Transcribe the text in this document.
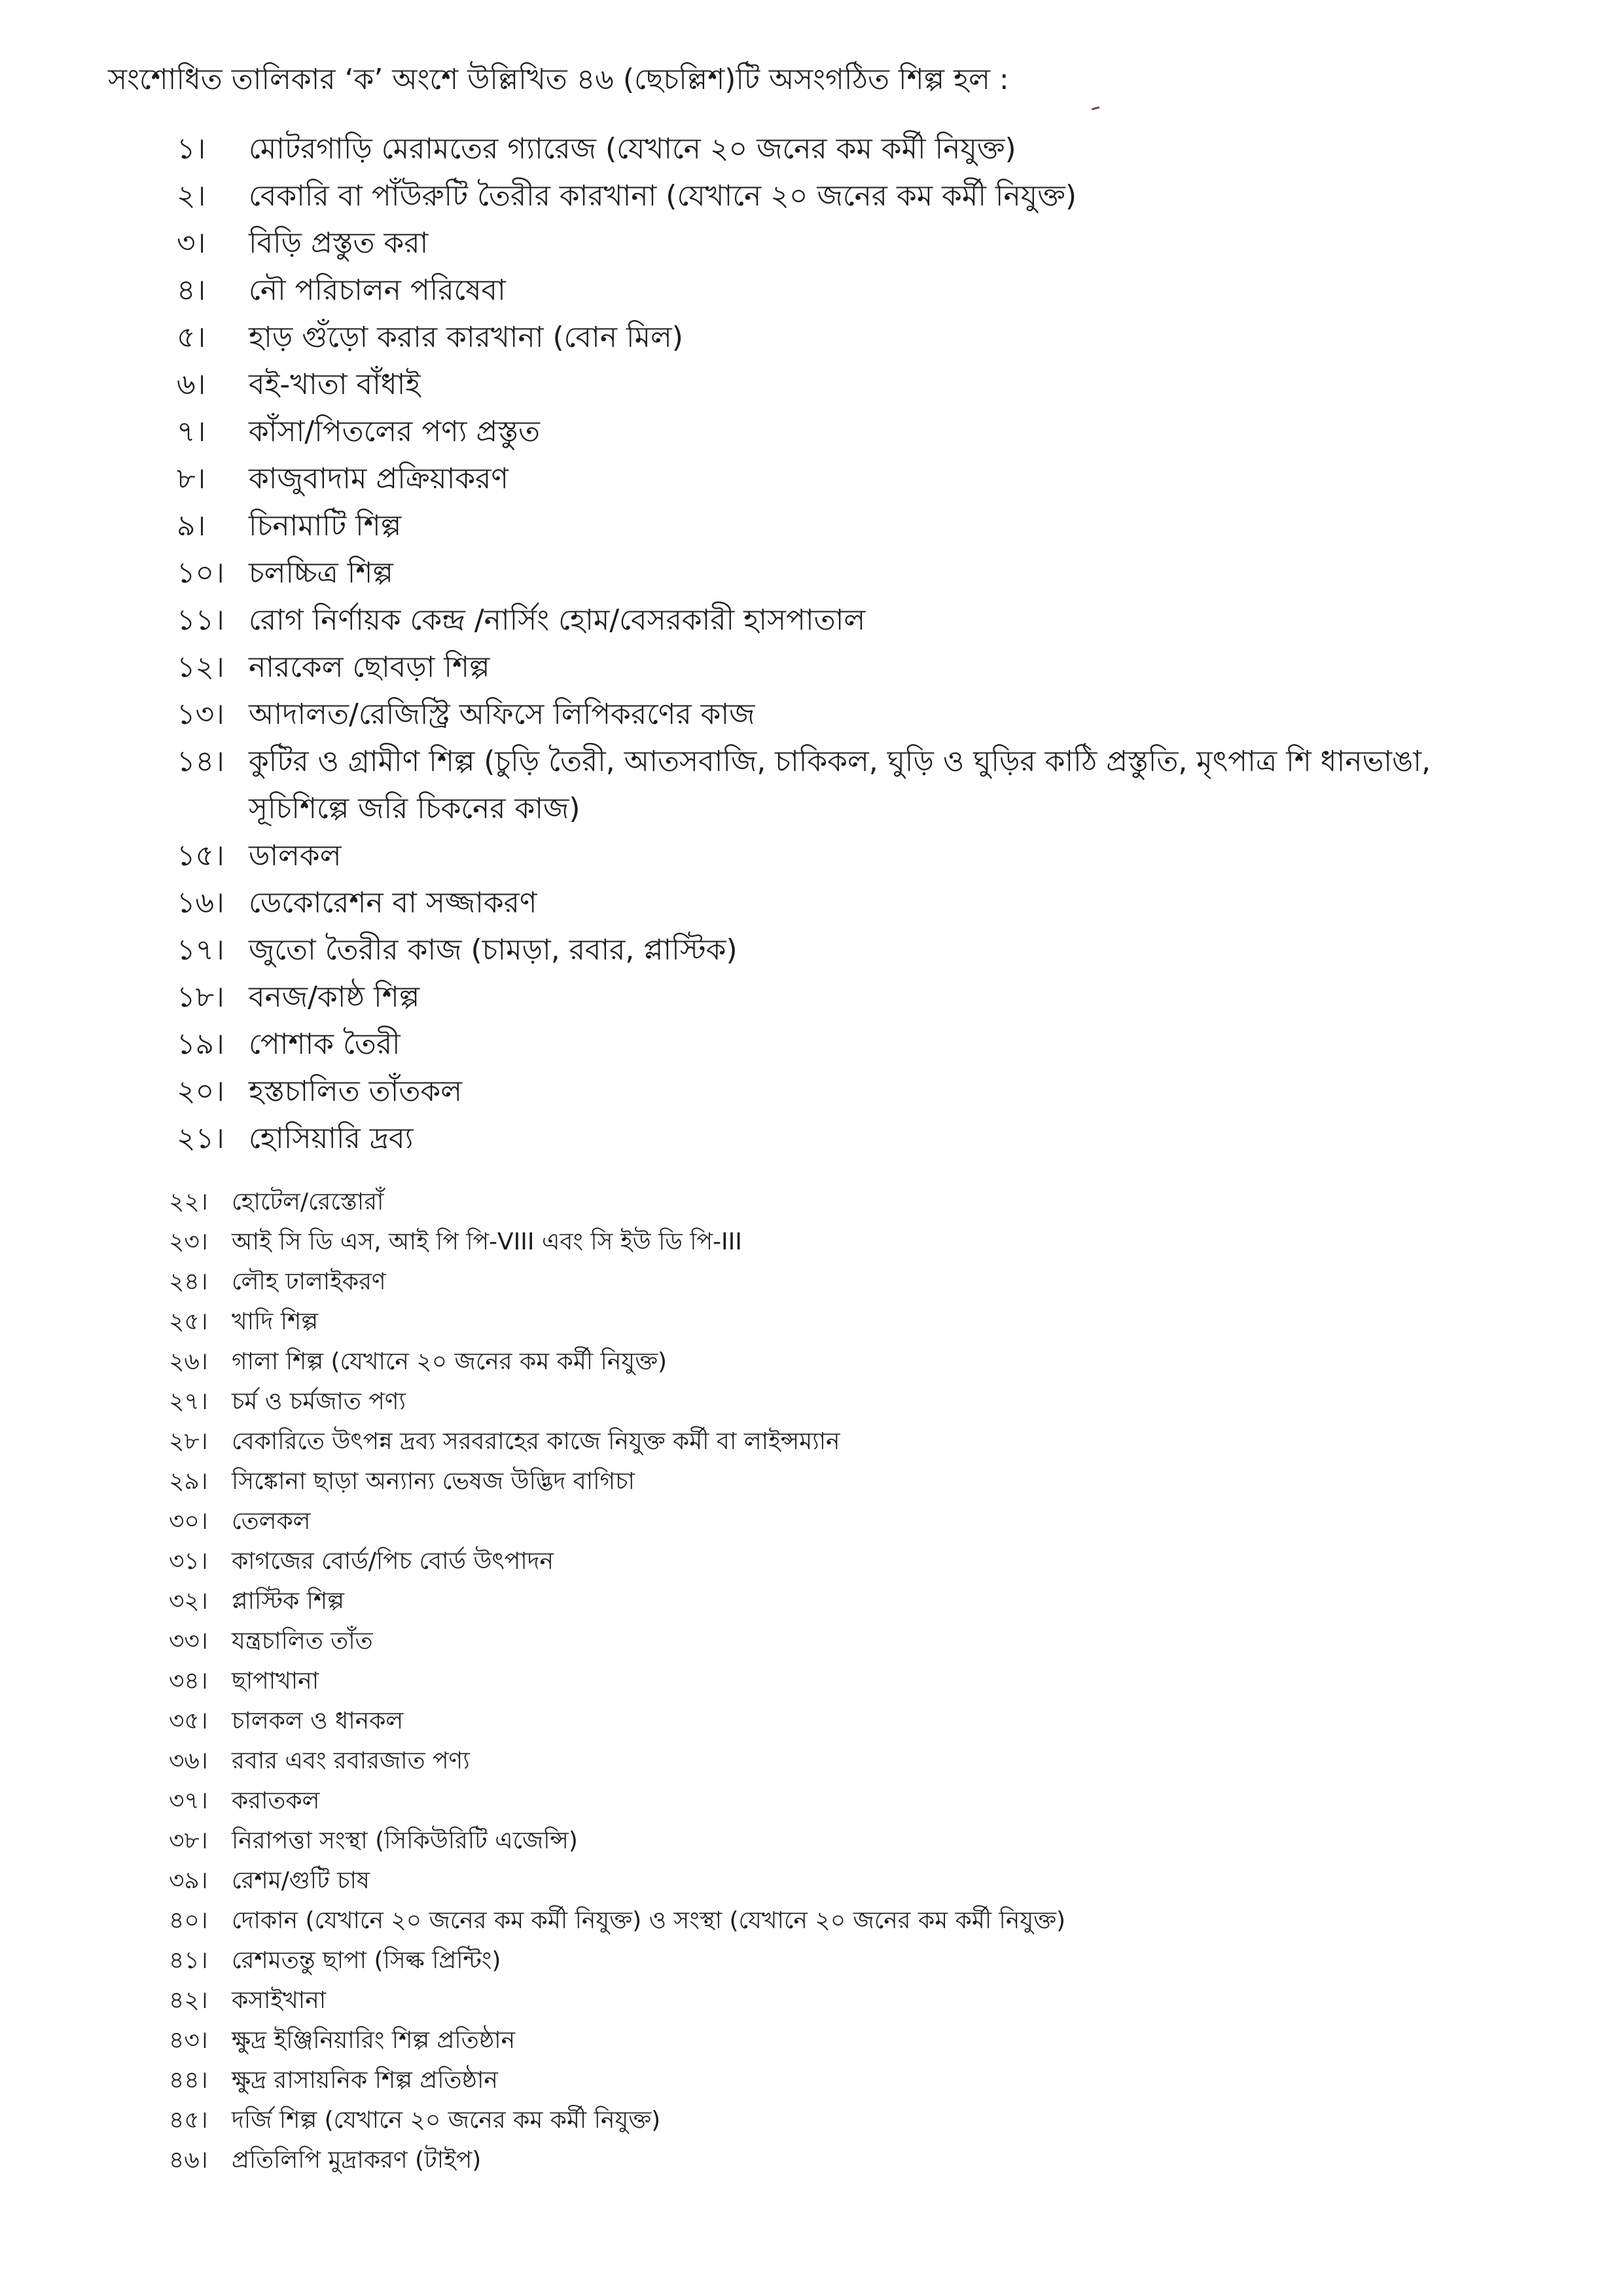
সংশোধিত তালিকার ‘ক’ অংশে উল্লিখিত ৪৬ (ছেচল্লিশ)টি অসংগঠিত শিল্প হল :
১।	মোটরগাড়ি মেরামতের গ্যারেজ (যেখানে ২০ জনের কম কর্মী নিযুক্ত)
২।	বেকারি বা পাঁউরুটি তৈরীর কারখানা (যেখানে ২০ জনের কম কর্মী নিযুক্ত)
৩।	বিড়ি প্রস্তুত করা
৪।	নৌ পরিচালন পরিষেবা
৫।	হাড় গুঁড়ো করার কারখানা (বোন মিল)
৬।	বই-খাতা বাঁধাই
৭।	কাঁসা/পিতলের পণ্য প্রস্তুত
৮।	কাজুবাদাম প্রক্রিয়াকরণ
৯।	চিনামাটি শিল্প
১০। চলচ্চিত্র শিল্প
১১। রোগ নির্ণায়ক কেন্দ্র /নার্সিং হোম/বেসরকারী হাসপাতাল
১২। নারকেল ছোবড়া শিল্প
১৩। আদালত/রেজিস্ট্রি অফিসে লিপিকরণের কাজ
১৪। কুটির ও গ্রামীণ শিল্প (চুড়ি তৈরী, আতসবাজি, চাকিকল, ঘুড়ি ও ঘুড়ির কাঠি প্রস্তুতি, মৃৎপাত্র শি ধানভাঙা, সূচিশিল্পে জরি চিকনের কাজ)
১৫। ডালকল
১৬। ডেকোরেশন বা সজ্জাকরণ
১৭। জুতো তৈরীর কাজ (চামড়া, রবার, প্লাস্টিক)
১৮। বনজ/কাষ্ঠ শিল্প
১৯। পোশাক তৈরী
২০। হস্তচালিত তাঁতকল
২১। হোসিয়ারি দ্রব্য
২২।	হোটেল/রেস্তোরাঁ
২৩।	আই সি ডি এস, আই পি পি-VIII এবং সি ইউ ডি পি-III
২৪।	লৌহ ঢালাইকরণ
২৫।	খাদি শিল্প
২৬।	গালা শিল্প (যেখানে ২০ জনের কম কর্মী নিযুক্ত)
২৭।	চর্ম ও চর্মজাত পণ্য
২৮।	বেকারিতে উৎপন্ন দ্রব্য সরবরাহের কাজে নিযুক্ত কর্মী বা লাইন্সম্যান
২৯।	সিঙ্কোনা ছাড়া অন্যান্য ভেষজ উদ্ভিদ বাগিচা
৩০।	তেলকল
৩১।	কাগজের বোর্ড/পিচ বোর্ড উৎপাদন
৩২।	প্লাস্টিক শিল্প
৩৩।	যন্ত্রচালিত তাঁত
৩৪।	ছাপাখানা
৩৫।	চালকল ও ধানকল
৩৬।	রবার এবং রবারজাত পণ্য
৩৭।	করাতকল
৩৮।	নিরাপত্তা সংস্থা (সিকিউরিটি এজেন্সি)
৩৯।	রেশম/গুটি চাষ
৪০।	দোকান (যেখানে ২০ জনের কম কর্মী নিযুক্ত) ও সংস্থা (যেখানে ২০ জনের কম কর্মী নিযুক্ত)
৪১।	রেশমতন্তু ছাপা (সিল্ক প্রিন্টিং)
৪২।	কসাইখানা
৪৩।	ক্ষুদ্র ইঞ্জিনিয়ারিং শিল্প প্রতিষ্ঠান
৪৪।	ক্ষুদ্র রাসায়নিক শিল্প প্রতিষ্ঠান
৪৫।	দর্জি শিল্প (যেখানে ২০ জনের কম কর্মী নিযুক্ত)
৪৬।	প্রতিলিপি মুদ্রাকরণ (টাইপ)
